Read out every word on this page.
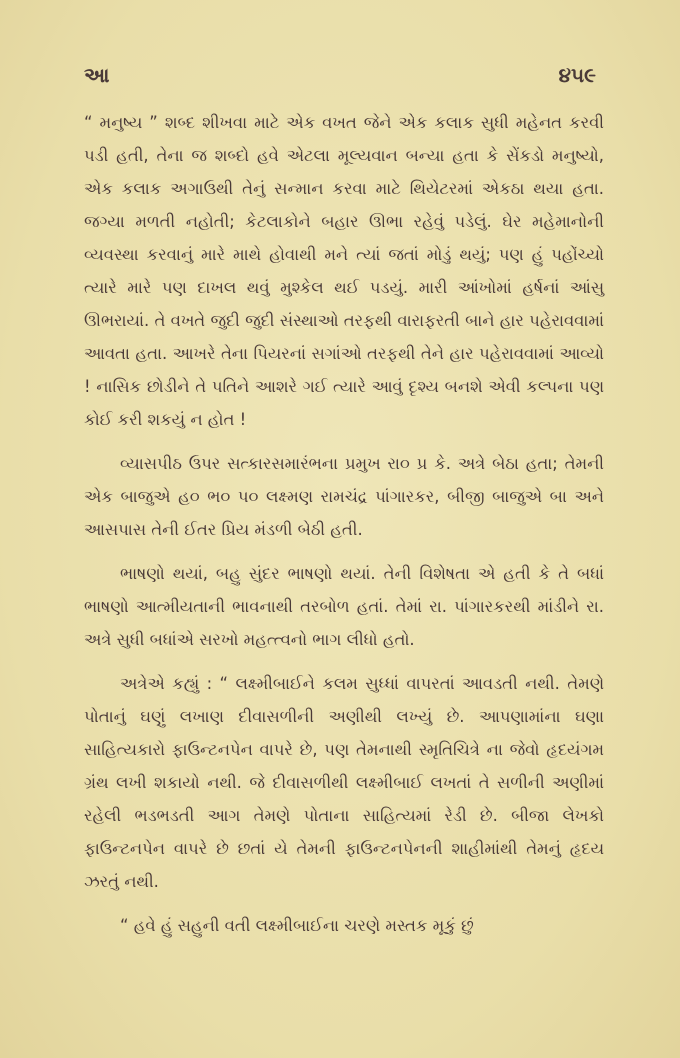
આ	૪૫૯

“ મનુષ્ય ” શબ્દ શીખવા માટે એક વખત જેને એક કલાક સુધી મહેનત કરવી પડી હતી, તેના જ શબ્દો હવે એટલા મૂલ્યવાન બન્યા હતા કે સેંકડો મનુષ્યો, એક કલાક અગાઉથી તેનું સન્માન કરવા માટે થિયેટરમાં એકઠા થયા હતા. જગ્યા મળતી નહોતી; કેટલાકોને બહાર ઊભા રહેવું પડેલું. ઘેર મહેમાનોની વ્યવસ્થા કરવાનું મારે માથે હોવાથી મને ત્યાં જતાં મોડું થયું; પણ હું પહોંચ્યો ત્યારે મારે પણ દાખલ થવું મુશ્કેલ થઈ પડયું. મારી આંખોમાં હર્ષનાં આંસુ ઊભરાયાં. તે વખતે જુદી જુદી સંસ્થાઓ તરફથી વારાફરતી બાને હાર પહેરાવવામાં આવતા હતા. આખરે તેના પિયરનાં સગાંઓ તરફથી તેને હાર પહેરાવવામાં આવ્યો ! નાસિક છોડીને તે પતિને આશરે ગઈ ત્યારે આવું દૃશ્ય બનશે એવી કલ્પના પણ કોઈ કરી શકયું ન હોત !

વ્યાસપીઠ ઉપર સત્કારસમારંભના પ્રમુખ રા૦ પ્ર કે. અત્રે બેઠા હતા; તેમની એક બાજુએ હ૦ ભ૦ પ૦ લક્ષ્મણ રામચંદ્ર પાંગારકર, બીજી બાજુએ બા અને આસપાસ તેની ઈતર પ્રિય મંડળી બેઠી હતી.

ભાષણો થયાં, બહુ સુંદર ભાષણો થયાં. તેની વિશેષતા એ હતી કે તે બધાં ભાષણો આત્મીયતાની ભાવનાથી તરબોળ હતાં. તેમાં રા. પાંગારકરથી માંડીને રા. અત્રે સુધી બધાંએ સરખો મહત્ત્વનો ભાગ લીધો હતો.

અત્રેએ કહ્યું : “ લક્ષ્મીબાઈને કલમ સુધ્ધાં વાપરતાં આવડતી નથી. તેમણે પોતાનું ઘણું લખાણ દીવાસળીની અણીથી લખ્યું છે. આપણામાંના ઘણા સાહિત્યકારો ફાઉન્ટનપેન વાપરે છે, પણ તેમનાથી સ્મૃતિચિત્રે ના જેવો હૃદયંગમ ગ્રંથ લખી શકાયો નથી. જે દીવાસળીથી લક્ષ્મીબાઈ લખતાં તે સળીની અણીમાં રહેલી ભડભડતી આગ તેમણે પોતાના સાહિત્યમાં રેડી છે. બીજા લેખકો ફાઉન્ટનપેન વાપરે છે છતાં યે તેમની ફાઉન્ટનપેનની શાહીમાંથી તેમનું હૃદય ઝરતું નથી.

“ હવે હું સહુની વતી લક્ષ્મીબાઈના ચરણે મસ્તક મૂકું છું
